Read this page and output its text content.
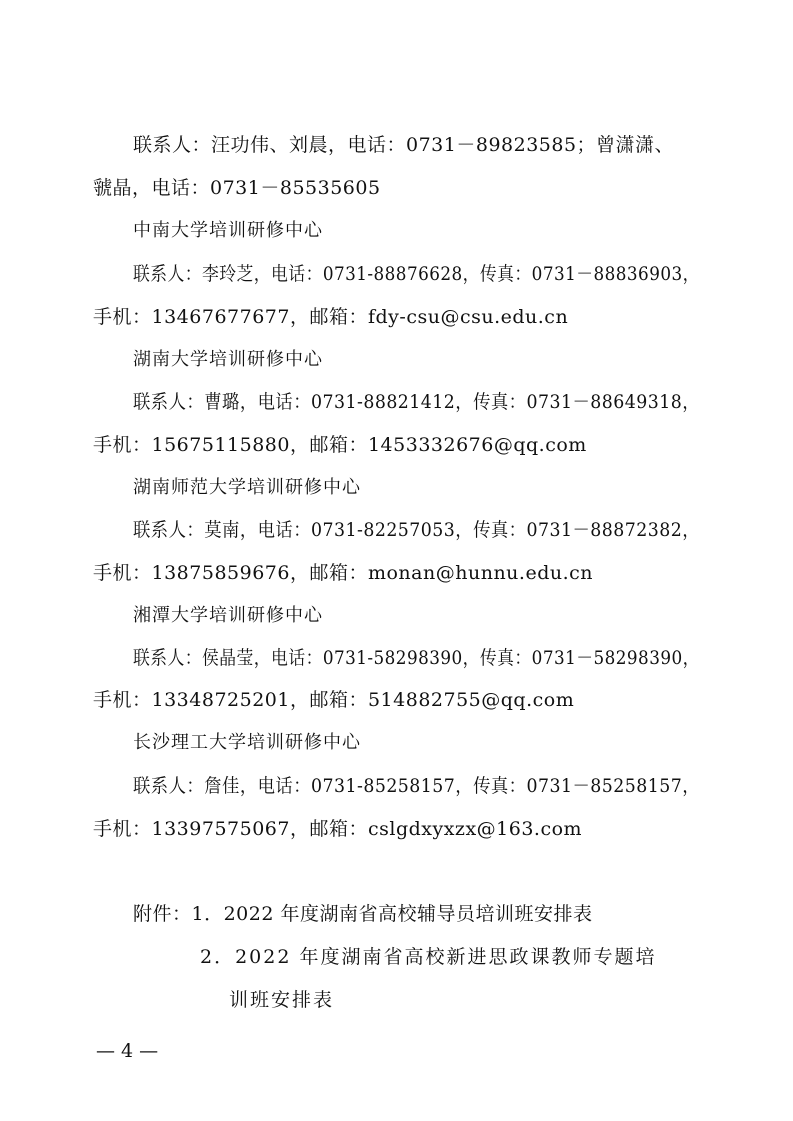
联系人：汪功伟、刘晨，电话：0731－89823585；曾潇潇、
虢晶，电话：0731－85535605
中南大学培训研修中心
联系人：李玲芝，电话：0731-88876628，传真：0731－88836903，
手机：13467677677，邮箱：fdy-csu@csu.edu.cn
湖南大学培训研修中心
联系人：曹璐，电话：0731-88821412，传真：0731－88649318，
手机：15675115880，邮箱：1453332676@qq.com
湖南师范大学培训研修中心
联系人：莫南，电话：0731-82257053，传真：0731－88872382，
手机：13875859676，邮箱：monan@hunnu.edu.cn
湘潭大学培训研修中心
联系人：侯晶莹，电话：0731-58298390，传真：0731－58298390，
手机：13348725201，邮箱：514882755@qq.com
长沙理工大学培训研修中心
联系人：詹佳，电话：0731-85258157，传真：0731－85258157，
手机：13397575067，邮箱：cslgdxyxzx@163.com
附件：1．2022 年度湖南省高校辅导员培训班安排表
2．2022 年度湖南省高校新进思政课教师专题培
训班安排表
— 4 —
